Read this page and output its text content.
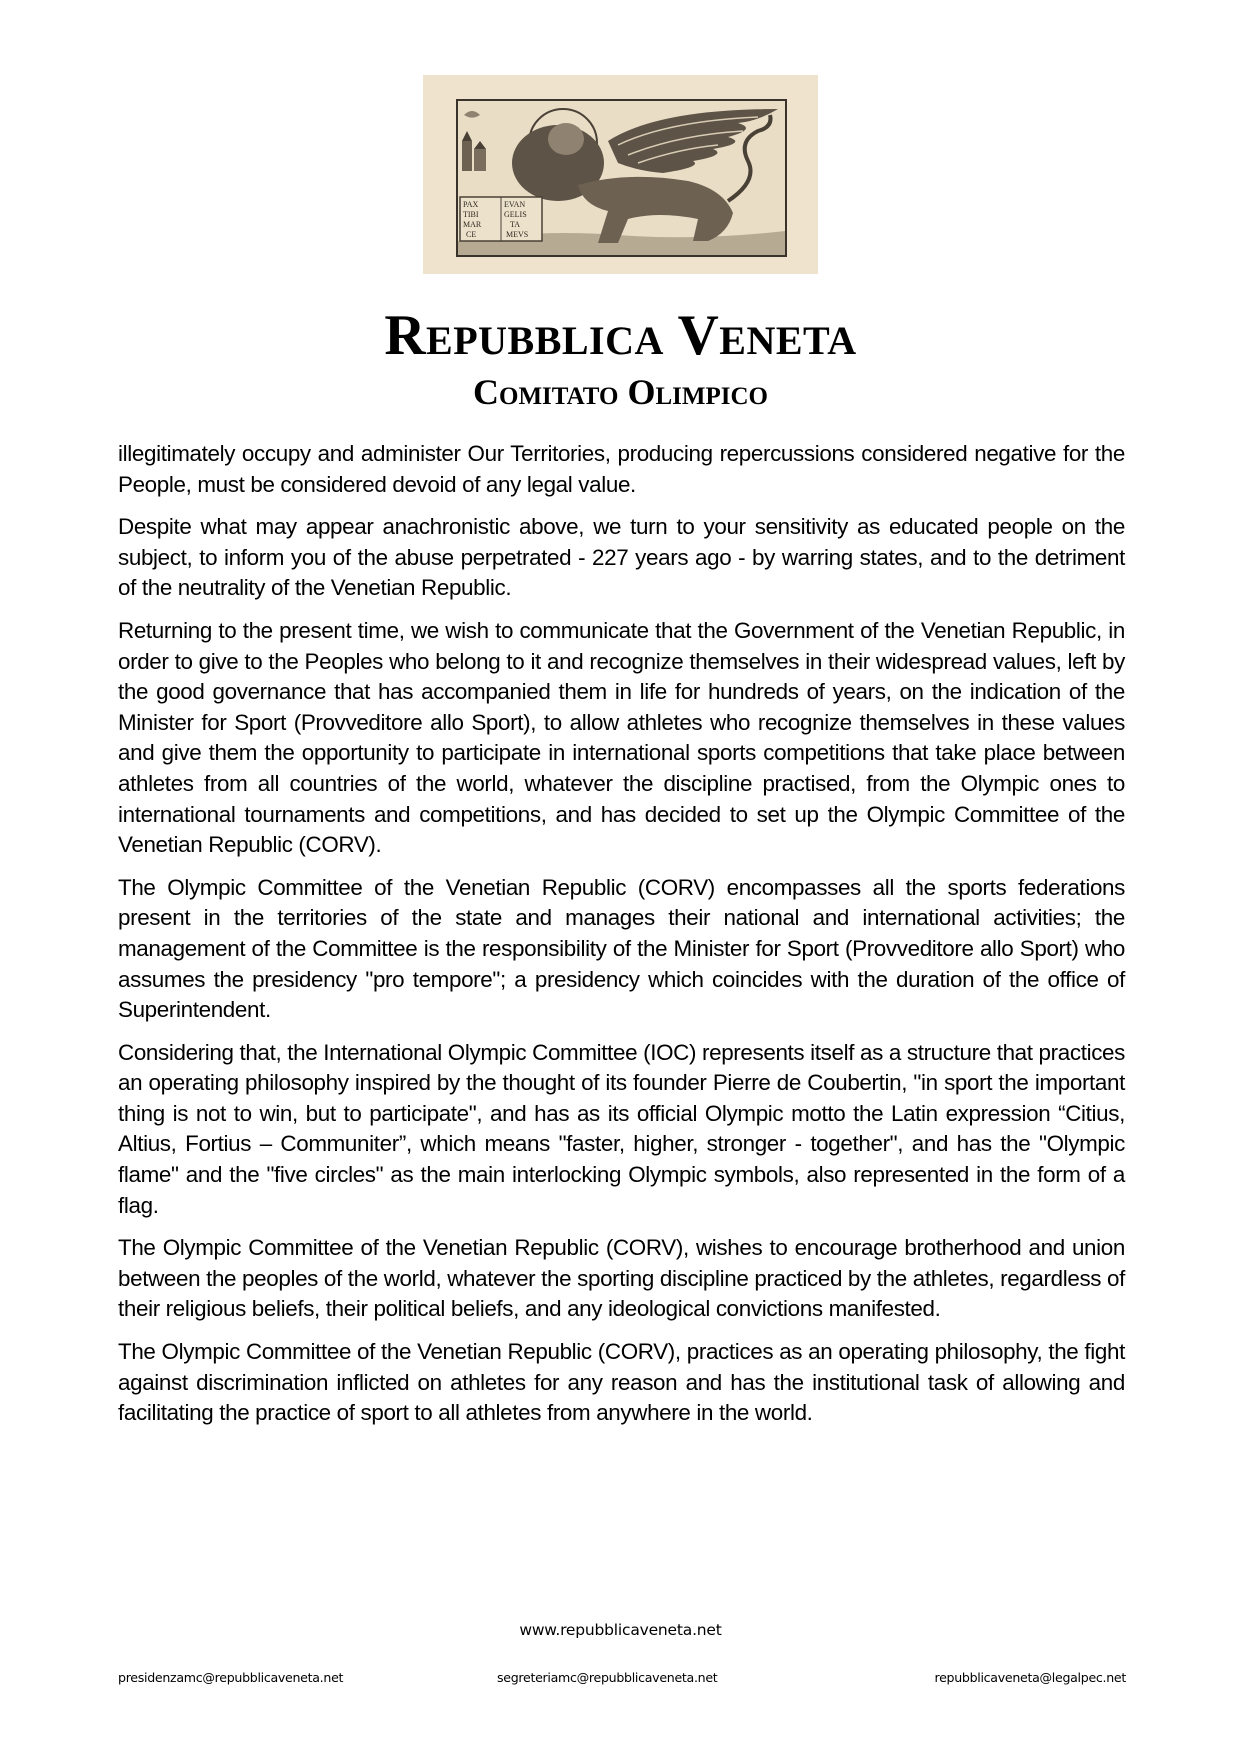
PAX
TIBI
MAR
CE
EVAN
GELIS
TA
MEVS
Repubblica Veneta
Comitato Olimpico

illegitimately occupy and administer Our Territories, producing repercussions considered negative for the People, must be considered devoid of any legal value.

Despite what may appear anachronistic above, we turn to your sensitivity as educated people on the subject, to inform you of the abuse perpetrated - 227 years ago - by warring states, and to the detriment of the neutrality of the Venetian Republic.

Returning to the present time, we wish to communicate that the Government of the Venetian Republic, in order to give to the Peoples who belong to it and recognize themselves in their widespread values, left by the good governance that has accompanied them in life for hundreds of years, on the indication of the Minister for Sport (Provveditore allo Sport), to allow athletes who recognize themselves in these values and give them the opportunity to participate in international sports competitions that take place between athletes from all countries of the world, whatever the discipline practised, from the Olympic ones to international tournaments and competitions, and has decided to set up the Olympic Committee of the Venetian Republic (CORV).

The Olympic Committee of the Venetian Republic (CORV) encompasses all the sports federations present in the territories of the state and manages their national and international activities; the management of the Committee is the responsibility of the Minister for Sport (Provveditore allo Sport) who assumes the presidency "pro tempore"; a presidency which coincides with the duration of the office of Superintendent.

Considering that, the International Olympic Committee (IOC) represents itself as a structure that practices an operating philosophy inspired by the thought of its founder Pierre de Coubertin, "in sport the important thing is not to win, but to participate", and has as its official Olympic motto the Latin expression “Citius, Altius, Fortius – Communiter”, which means "faster, higher, stronger - together", and has the "Olympic flame" and the "five circles" as the main interlocking Olympic symbols, also represented in the form of a flag.

The Olympic Committee of the Venetian Republic (CORV), wishes to encourage brotherhood and union between the peoples of the world, whatever the sporting discipline practiced by the athletes, regardless of their religious beliefs, their political beliefs, and any ideological convictions manifested.

The Olympic Committee of the Venetian Republic (CORV), practices as an operating philosophy, the fight against discrimination inflicted on athletes for any reason and has the institutional task of allowing and facilitating the practice of sport to all athletes from anywhere in the world.

www.repubblicaveneta.net
presidenzamc@repubblicaveneta.net	segreteriamc@repubblicaveneta.net	repubblicaveneta@legalpec.net
